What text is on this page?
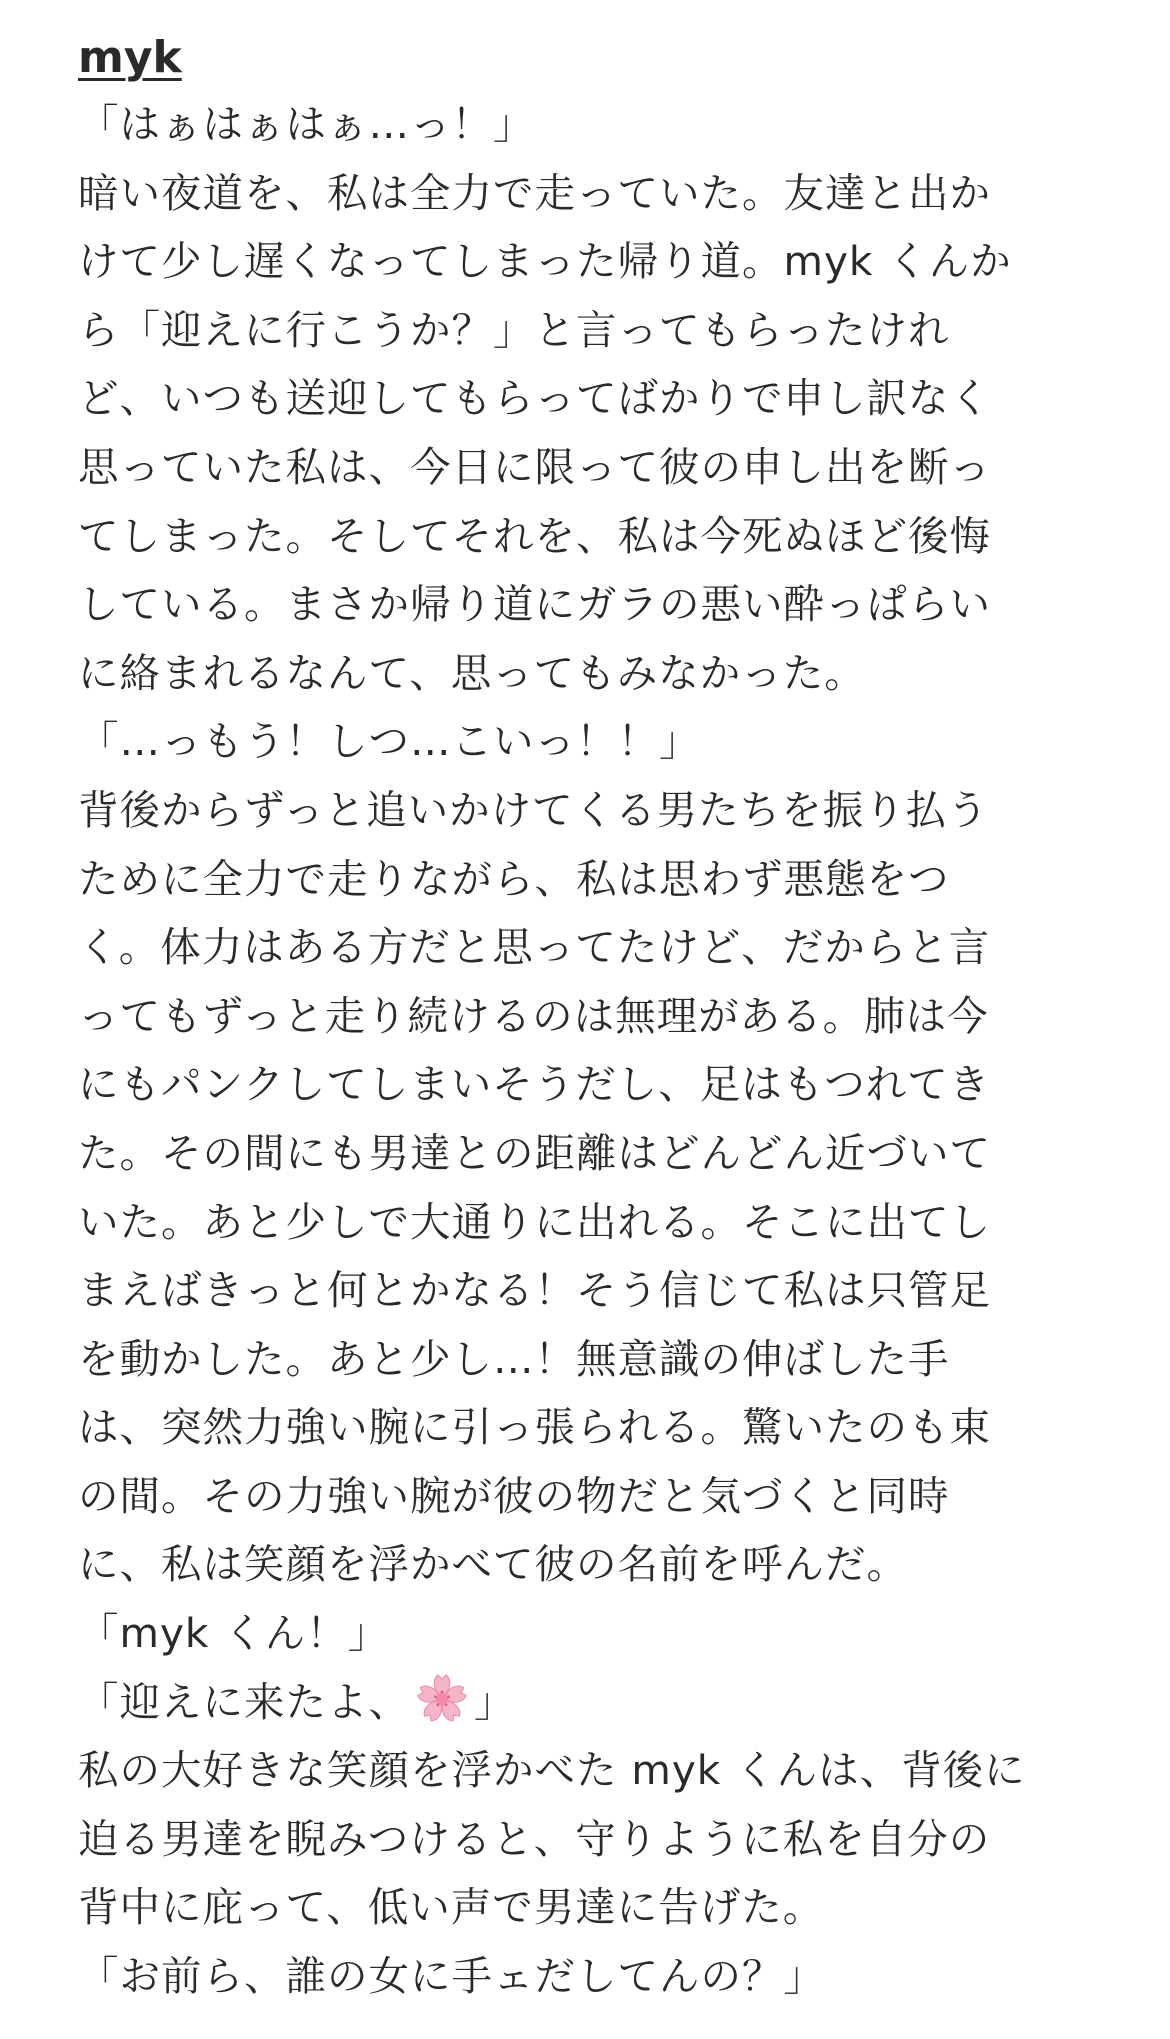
myk
「はぁはぁはぁ…っ！」
暗い夜道を、私は全力で走っていた。友達と出か
けて少し遅くなってしまった帰り道。myk くんか
ら「迎えに行こうか？」と言ってもらったけれ
ど、いつも送迎してもらってばかりで申し訳なく
思っていた私は、今日に限って彼の申し出を断っ
てしまった。そしてそれを、私は今死ぬほど後悔
している。まさか帰り道にガラの悪い酔っぱらい
に絡まれるなんて、思ってもみなかった。
「…っもう！しつ…こいっ！！」
背後からずっと追いかけてくる男たちを振り払う
ために全力で走りながら、私は思わず悪態をつ
く。体力はある方だと思ってたけど、だからと言
ってもずっと走り続けるのは無理がある。肺は今
にもパンクしてしまいそうだし、足はもつれてき
た。その間にも男達との距離はどんどん近づいて
いた。あと少しで大通りに出れる。そこに出てし
まえばきっと何とかなる！そう信じて私は只管足
を動かした。あと少し…！無意識の伸ばした手
は、突然力強い腕に引っ張られる。驚いたのも束
の間。その力強い腕が彼の物だと気づくと同時
に、私は笑顔を浮かべて彼の名前を呼んだ。
「myk くん！」
「迎えに来たよ、 」
私の大好きな笑顔を浮かべた myk くんは、背後に
迫る男達を睨みつけると、守りように私を自分の
背中に庇って、低い声で男達に告げた。
「お前ら、誰の女に手ェだしてんの？」
